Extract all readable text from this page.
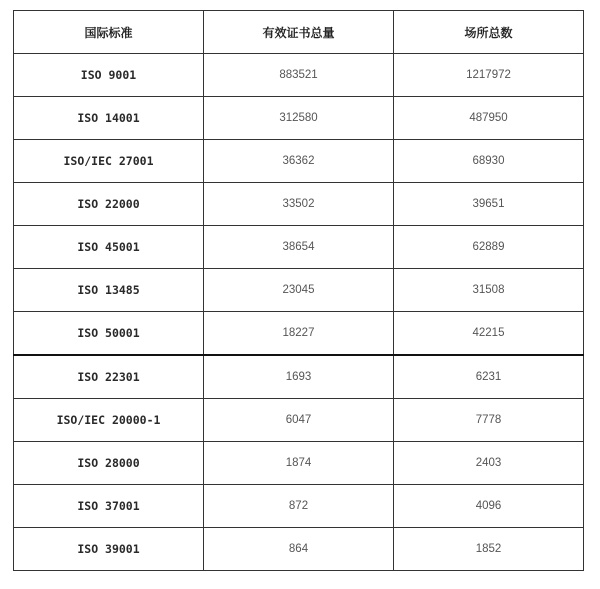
国际标准	有效证书总量	场所总数
ISO 9001	883521	1217972
ISO 14001	312580	487950
ISO/IEC 27001	36362	68930
ISO 22000	33502	39651
ISO 45001	38654	62889
ISO 13485	23045	31508
ISO 50001	18227	42215
ISO 22301	1693	6231
ISO/IEC 20000-1	6047	7778
ISO 28000	1874	2403
ISO 37001	872	4096
ISO 39001	864	1852
